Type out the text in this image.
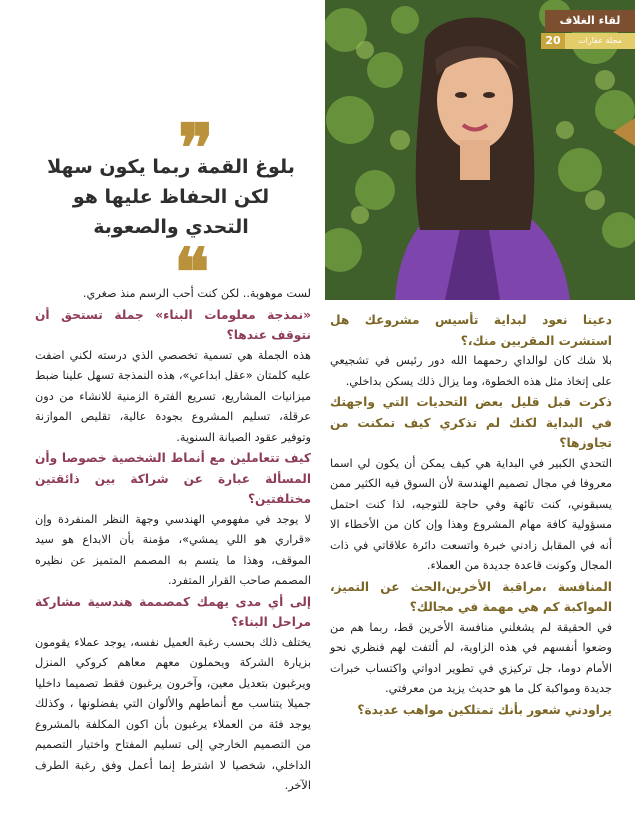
لقاء الغلاف
مجلة عقارات
20
❞
بلوغ القمة ربما يكون سهلا
لكن الحفاظ عليها هو
التحدي والصعوبة
❝

دعينا نعود لبداية تأسيس مشروعك هل استشرت المقربين منك،؟

بلا شك كان لوالداي رحمهما الله دور رئيس في تشجيعي على إتخاذ مثل هذه الخطوة، وما يزال ذلك يسكن بداخلي.

ذكرت قبل قليل بعض التحديات التي واجهتك في البداية لكنك لم تذكري كيف تمكنت من تجاوزها؟

التحدي الكبير في البداية هي كيف يمكن أن يكون لي اسما معروفا في مجال تصميم الهندسة لأن السوق فيه الكثير ممن يسبقوني، كنت تائهة وفي حاجة للتوجيه، لذا كنت احتمل مسؤولية كافة مهام المشروع وهذا وإن كان من الأخطاء الا أنه في المقابل زادني خبرة واتسعت دائرة علاقاتي في ذات المجال وكونت قاعدة جديدة من العملاء.

المنافسة ،مراقبة الأخرين،الحث عن التميز، المواكبة كم هي مهمة في مجالك؟

في الحقيقة لم يشغلني منافسة الأخرين قط، ربما هم من وضعوا أنفسهم في هذه الزاوية، لم ألتفت لهم فنظري نحو الأمام دوما، جل تركيزي في تطوير ادواتي واكتساب خبرات جديدة ومواكبة كل ما هو حديث يزيد من معرفتي.

يراودني شعور بأنك تمتلكين مواهب عديدة؟

لست موهوبة.. لكن كنت أحب الرسم منذ صغري.

«نمذجة معلومات البناء» جملة تستحق أن نتوقف عندها؟

هذه الجملة هي تسمية تخصصي الذي درسته لكني اضفت عليه كلمتان «عقل ابداعي»، هذه النمذجة تسهل علينا ضبط ميزانيات المشاريع، تسريع الفترة الزمنية للانشاء من دون عرقلة، تسليم المشروع بجودة عالية، تقليص الموازنة وتوفير عقود الصيانة السنوية.

كيف تتعاملين مع أنماط الشخصية خصوصا وأن المسألة عبارة عن شراكة بين ذائقتين مختلفتين؟

لا يوجد في مفهومي الهندسي وجهة النظر المنفردة وإن «قراري هو اللي يمشي»، مؤمنة بأن الابداع هو سيد الموقف، وهذا ما يتسم به المصمم المتميز عن نظيره المصمم صاحب القرار المتفرد.

إلى أي مدى يهمك كمصممة هندسية مشاركة مراحل البناء؟

يختلف ذلك بحسب رغبة العميل نفسه، يوجد عملاء يقومون بزيارة الشركة ويحملون معهم معاهم كروكي المنزل ويرغبون بتعديل معين، وآخرون يرغبون فقط تصميما داخليا جميلا يتناسب مع أنماطهم والألوان التي يفضلونها ، وكذلك يوجد فئة من العملاء يرغبون بأن اكون المكلفة بالمشروع من التصميم الخارجي إلى تسليم المفتاح واختيار التصميم الداخلي، شخصيا لا اشترط إنما أعمل وفق رغبة الطرف الآخر.
